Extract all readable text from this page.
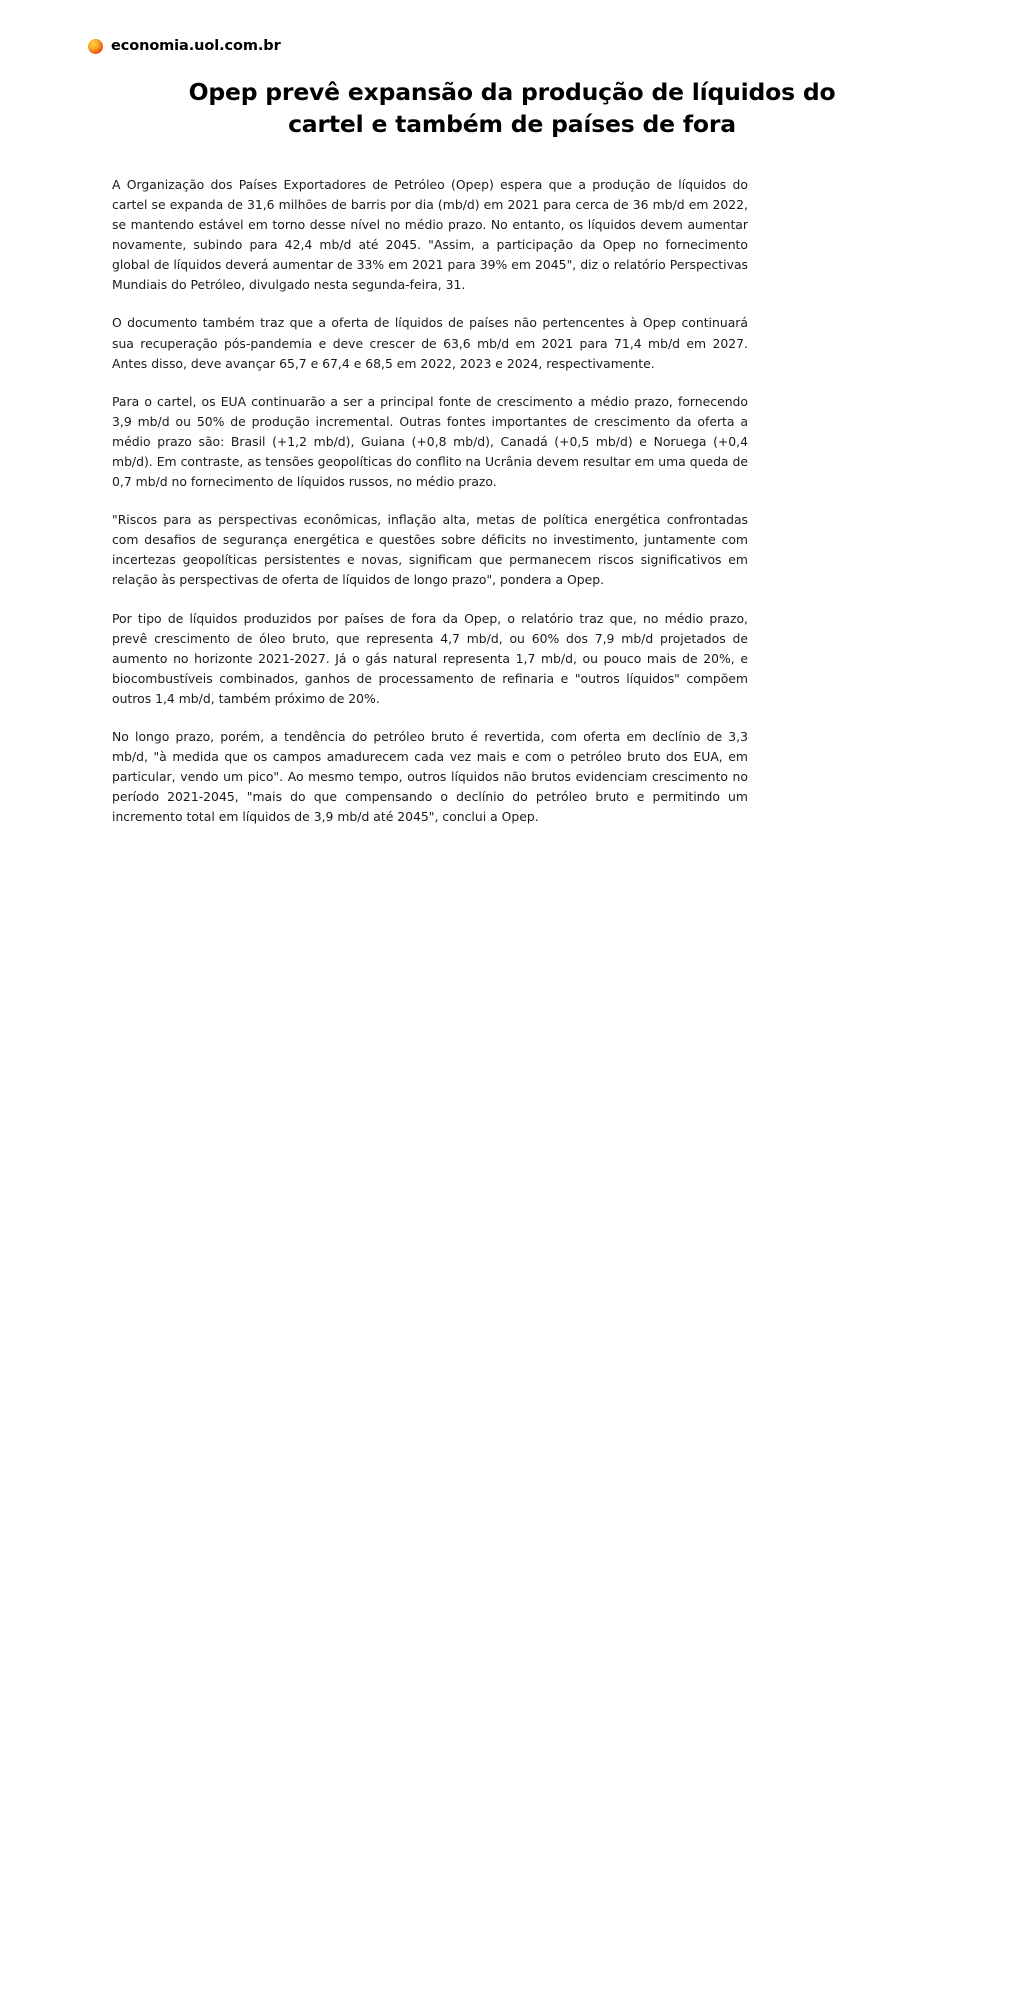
economia.uol.com.br
Opep prevê expansão da produção de líquidos do cartel e também de países de fora

A Organização dos Países Exportadores de Petróleo (Opep) espera que a produção de líquidos do cartel se expanda de 31,6 milhões de barris por dia (mb/d) em 2021 para cerca de 36 mb/d em 2022, se mantendo estável em torno desse nível no médio prazo. No entanto, os líquidos devem aumentar novamente, subindo para 42,4 mb/d até 2045. "Assim, a participação da Opep no fornecimento global de líquidos deverá aumentar de 33% em 2021 para 39% em 2045", diz o relatório Perspectivas Mundiais do Petróleo, divulgado nesta segunda-feira, 31.

O documento também traz que a oferta de líquidos de países não pertencentes à Opep continuará sua recuperação pós-pandemia e deve crescer de 63,6 mb/d em 2021 para 71,4 mb/d em 2027. Antes disso, deve avançar 65,7 e 67,4 e 68,5 em 2022, 2023 e 2024, respectivamente.

Para o cartel, os EUA continuarão a ser a principal fonte de crescimento a médio prazo, fornecendo 3,9 mb/d ou 50% de produção incremental. Outras fontes importantes de crescimento da oferta a médio prazo são: Brasil (+1,2 mb/d), Guiana (+0,8 mb/d), Canadá (+0,5 mb/d) e Noruega (+0,4 mb/d). Em contraste, as tensões geopolíticas do conflito na Ucrânia devem resultar em uma queda de 0,7 mb/d no fornecimento de líquidos russos, no médio prazo.

"Riscos para as perspectivas econômicas, inflação alta, metas de política energética confrontadas com desafios de segurança energética e questões sobre déficits no investimento, juntamente com incertezas geopolíticas persistentes e novas, significam que permanecem riscos significativos em relação às perspectivas de oferta de líquidos de longo prazo", pondera a Opep.

Por tipo de líquidos produzidos por países de fora da Opep, o relatório traz que, no médio prazo, prevê crescimento de óleo bruto, que representa 4,7 mb/d, ou 60% dos 7,9 mb/d projetados de aumento no horizonte 2021-2027. Já o gás natural representa 1,7 mb/d, ou pouco mais de 20%, e biocombustíveis combinados, ganhos de processamento de refinaria e "outros líquidos" compõem outros 1,4 mb/d, também próximo de 20%.

No longo prazo, porém, a tendência do petróleo bruto é revertida, com oferta em declínio de 3,3 mb/d, "à medida que os campos amadurecem cada vez mais e com o petróleo bruto dos EUA, em particular, vendo um pico". Ao mesmo tempo, outros líquidos não brutos evidenciam crescimento no período 2021-2045, "mais do que compensando o declínio do petróleo bruto e permitindo um incremento total em líquidos de 3,9 mb/d até 2045", conclui a Opep.
